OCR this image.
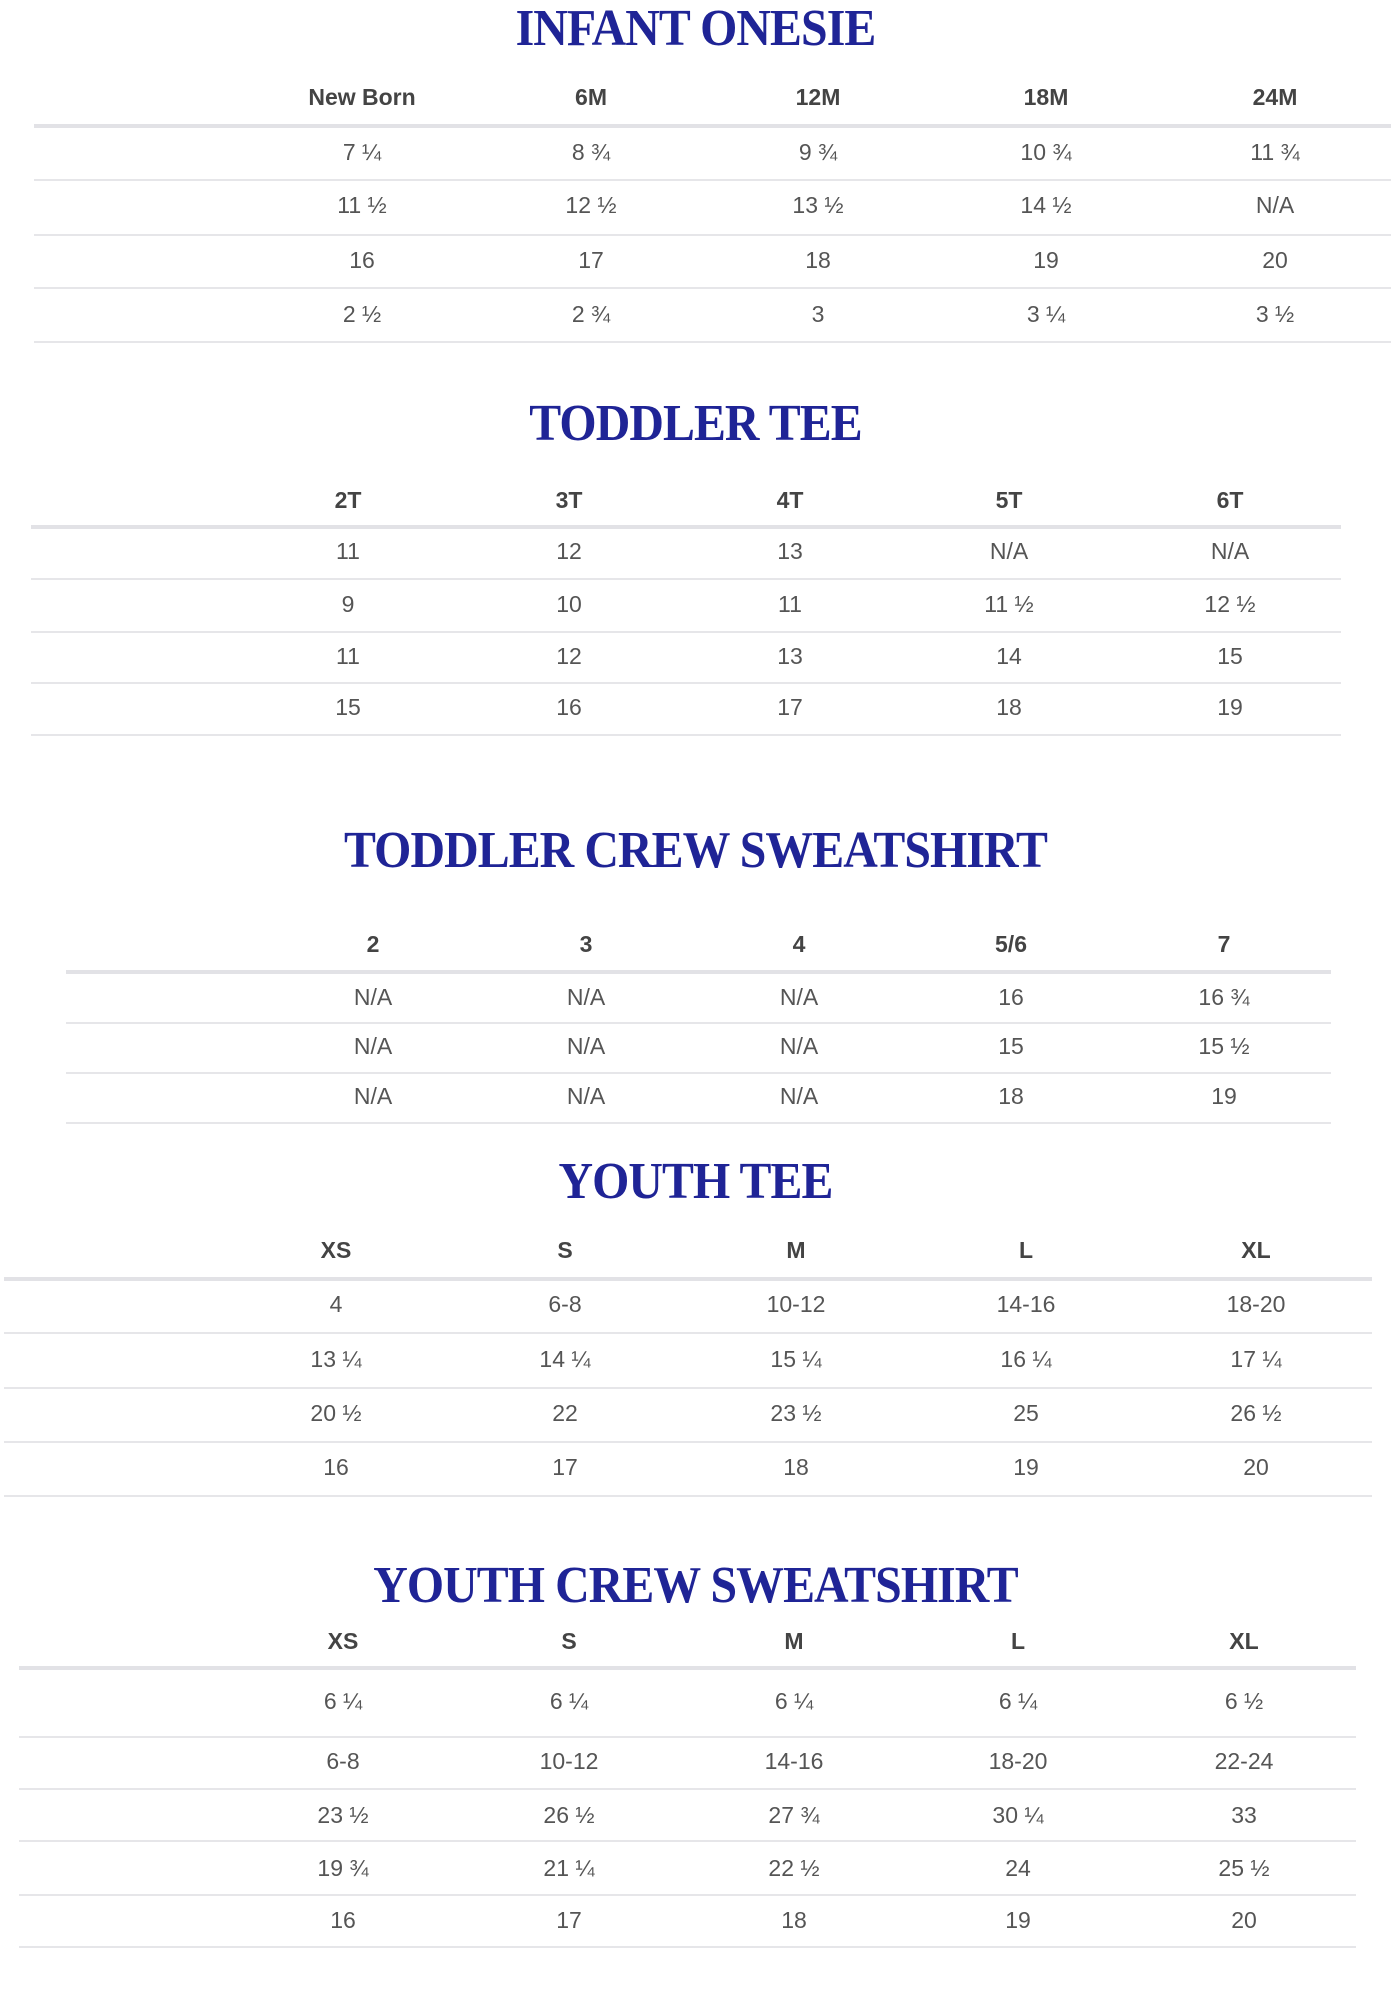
INFANT ONESIE
New Born	6M	12M	18M	24M
7 ¼	8 ¾	9 ¾	10 ¾	11 ¾
11 ½	12 ½	13 ½	14 ½	N/A
16	17	18	19	20
2 ½	2 ¾	3	3 ¼	3 ½
TODDLER TEE
2T	3T	4T	5T	6T
11	12	13	N/A	N/A
9	10	11	11 ½	12 ½
11	12	13	14	15
15	16	17	18	19
TODDLER CREW SWEATSHIRT
2	3	4	5/6	7
N/A	N/A	N/A	16	16 ¾
N/A	N/A	N/A	15	15 ½
N/A	N/A	N/A	18	19
YOUTH TEE
XS	S	M	L	XL
4	6-8	10-12	14-16	18-20
13 ¼	14 ¼	15 ¼	16 ¼	17 ¼
20 ½	22	23 ½	25	26 ½
16	17	18	19	20
YOUTH CREW SWEATSHIRT
XS	S	M	L	XL
6 ¼	6 ¼	6 ¼	6 ¼	6 ½
6-8	10-12	14-16	18-20	22-24
23 ½	26 ½	27 ¾	30 ¼	33
19 ¾	21 ¼	22 ½	24	25 ½
16	17	18	19	20
